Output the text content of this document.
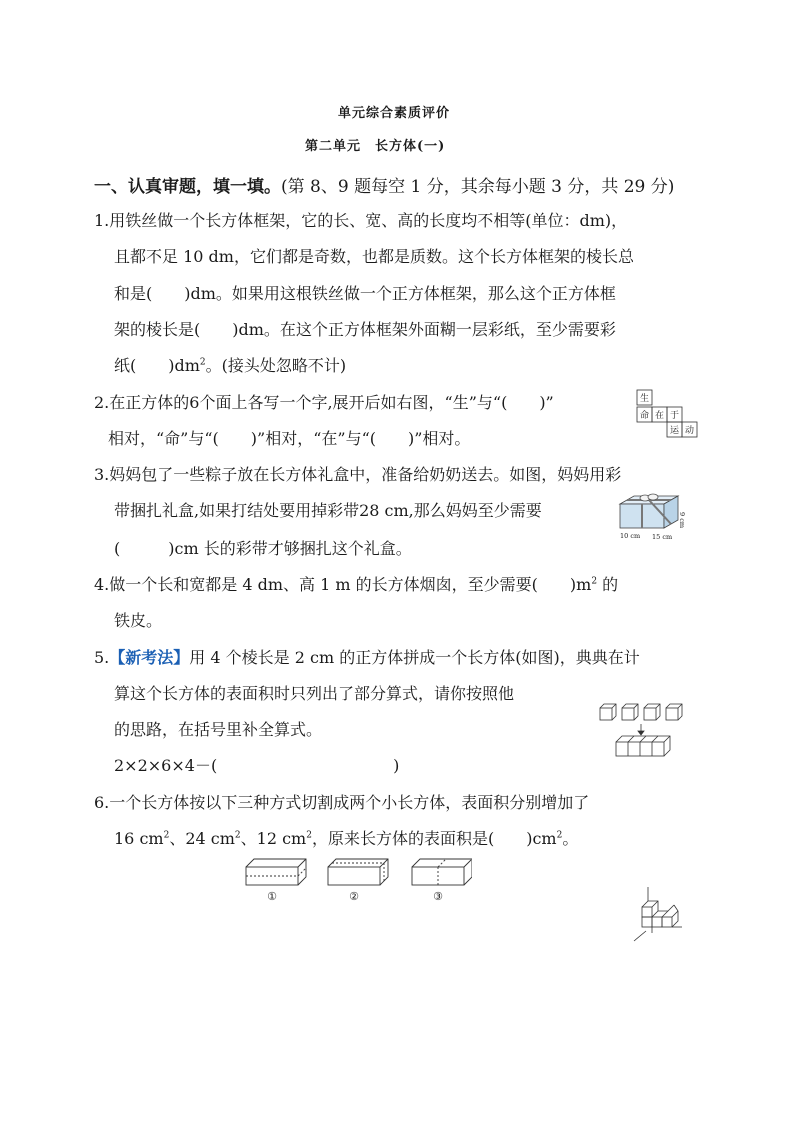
单元综合素质评价
第二单元　长方体(一)
一、认真审题，填一填。(第 8、9 题每空 1 分，其余每小题 3 分，共 29 分)
1.用铁丝做一个长方体框架，它的长、宽、高的长度均不相等(单位：dm)，
且都不足 10 dm，它们都是奇数，也都是质数。这个长方体框架的棱长总
和是(　　)dm。如果用这根铁丝做一个正方体框架，那么这个正方体框
架的棱长是(　　)dm。在这个正方体框架外面糊一层彩纸，至少需要彩
纸(　　)$dm^2$。(接头处忽略不计)
2.在正方体的6个面上各写一个字,展开后如右图，“生”与“(　　)”
相对，“命”与“(　　)”相对，“在”与“(　　)”相对。
生
命 在 于
运 动
3.妈妈包了一些粽子放在长方体礼盒中，准备给奶奶送去。如图，妈妈用彩
带捆扎礼盒,如果打结处要用掉彩带28 cm,那么妈妈至少需要
(　　　)cm 长的彩带才够捆扎这个礼盒。
10 cm 15 cm
9 cm
4.做一个长和宽都是 4 dm、高 1 m 的长方体烟囱，至少需要(　　)$m^2$ 的
铁皮。
5.【新考法】用 4 个棱长是 2 cm 的正方体拼成一个长方体(如图)，典典在计
算这个长方体的表面积时只列出了部分算式，请你按照他
的思路，在括号里补全算式。
2×2×6×4－(　　　　　　　　　　　)
6.一个长方体按以下三种方式切割成两个小长方体，表面积分别增加了
16 $cm^2$、24 $cm^2$、12 $cm^2$，原来长方体的表面积是(　　)$cm^2$。
①	②	③
